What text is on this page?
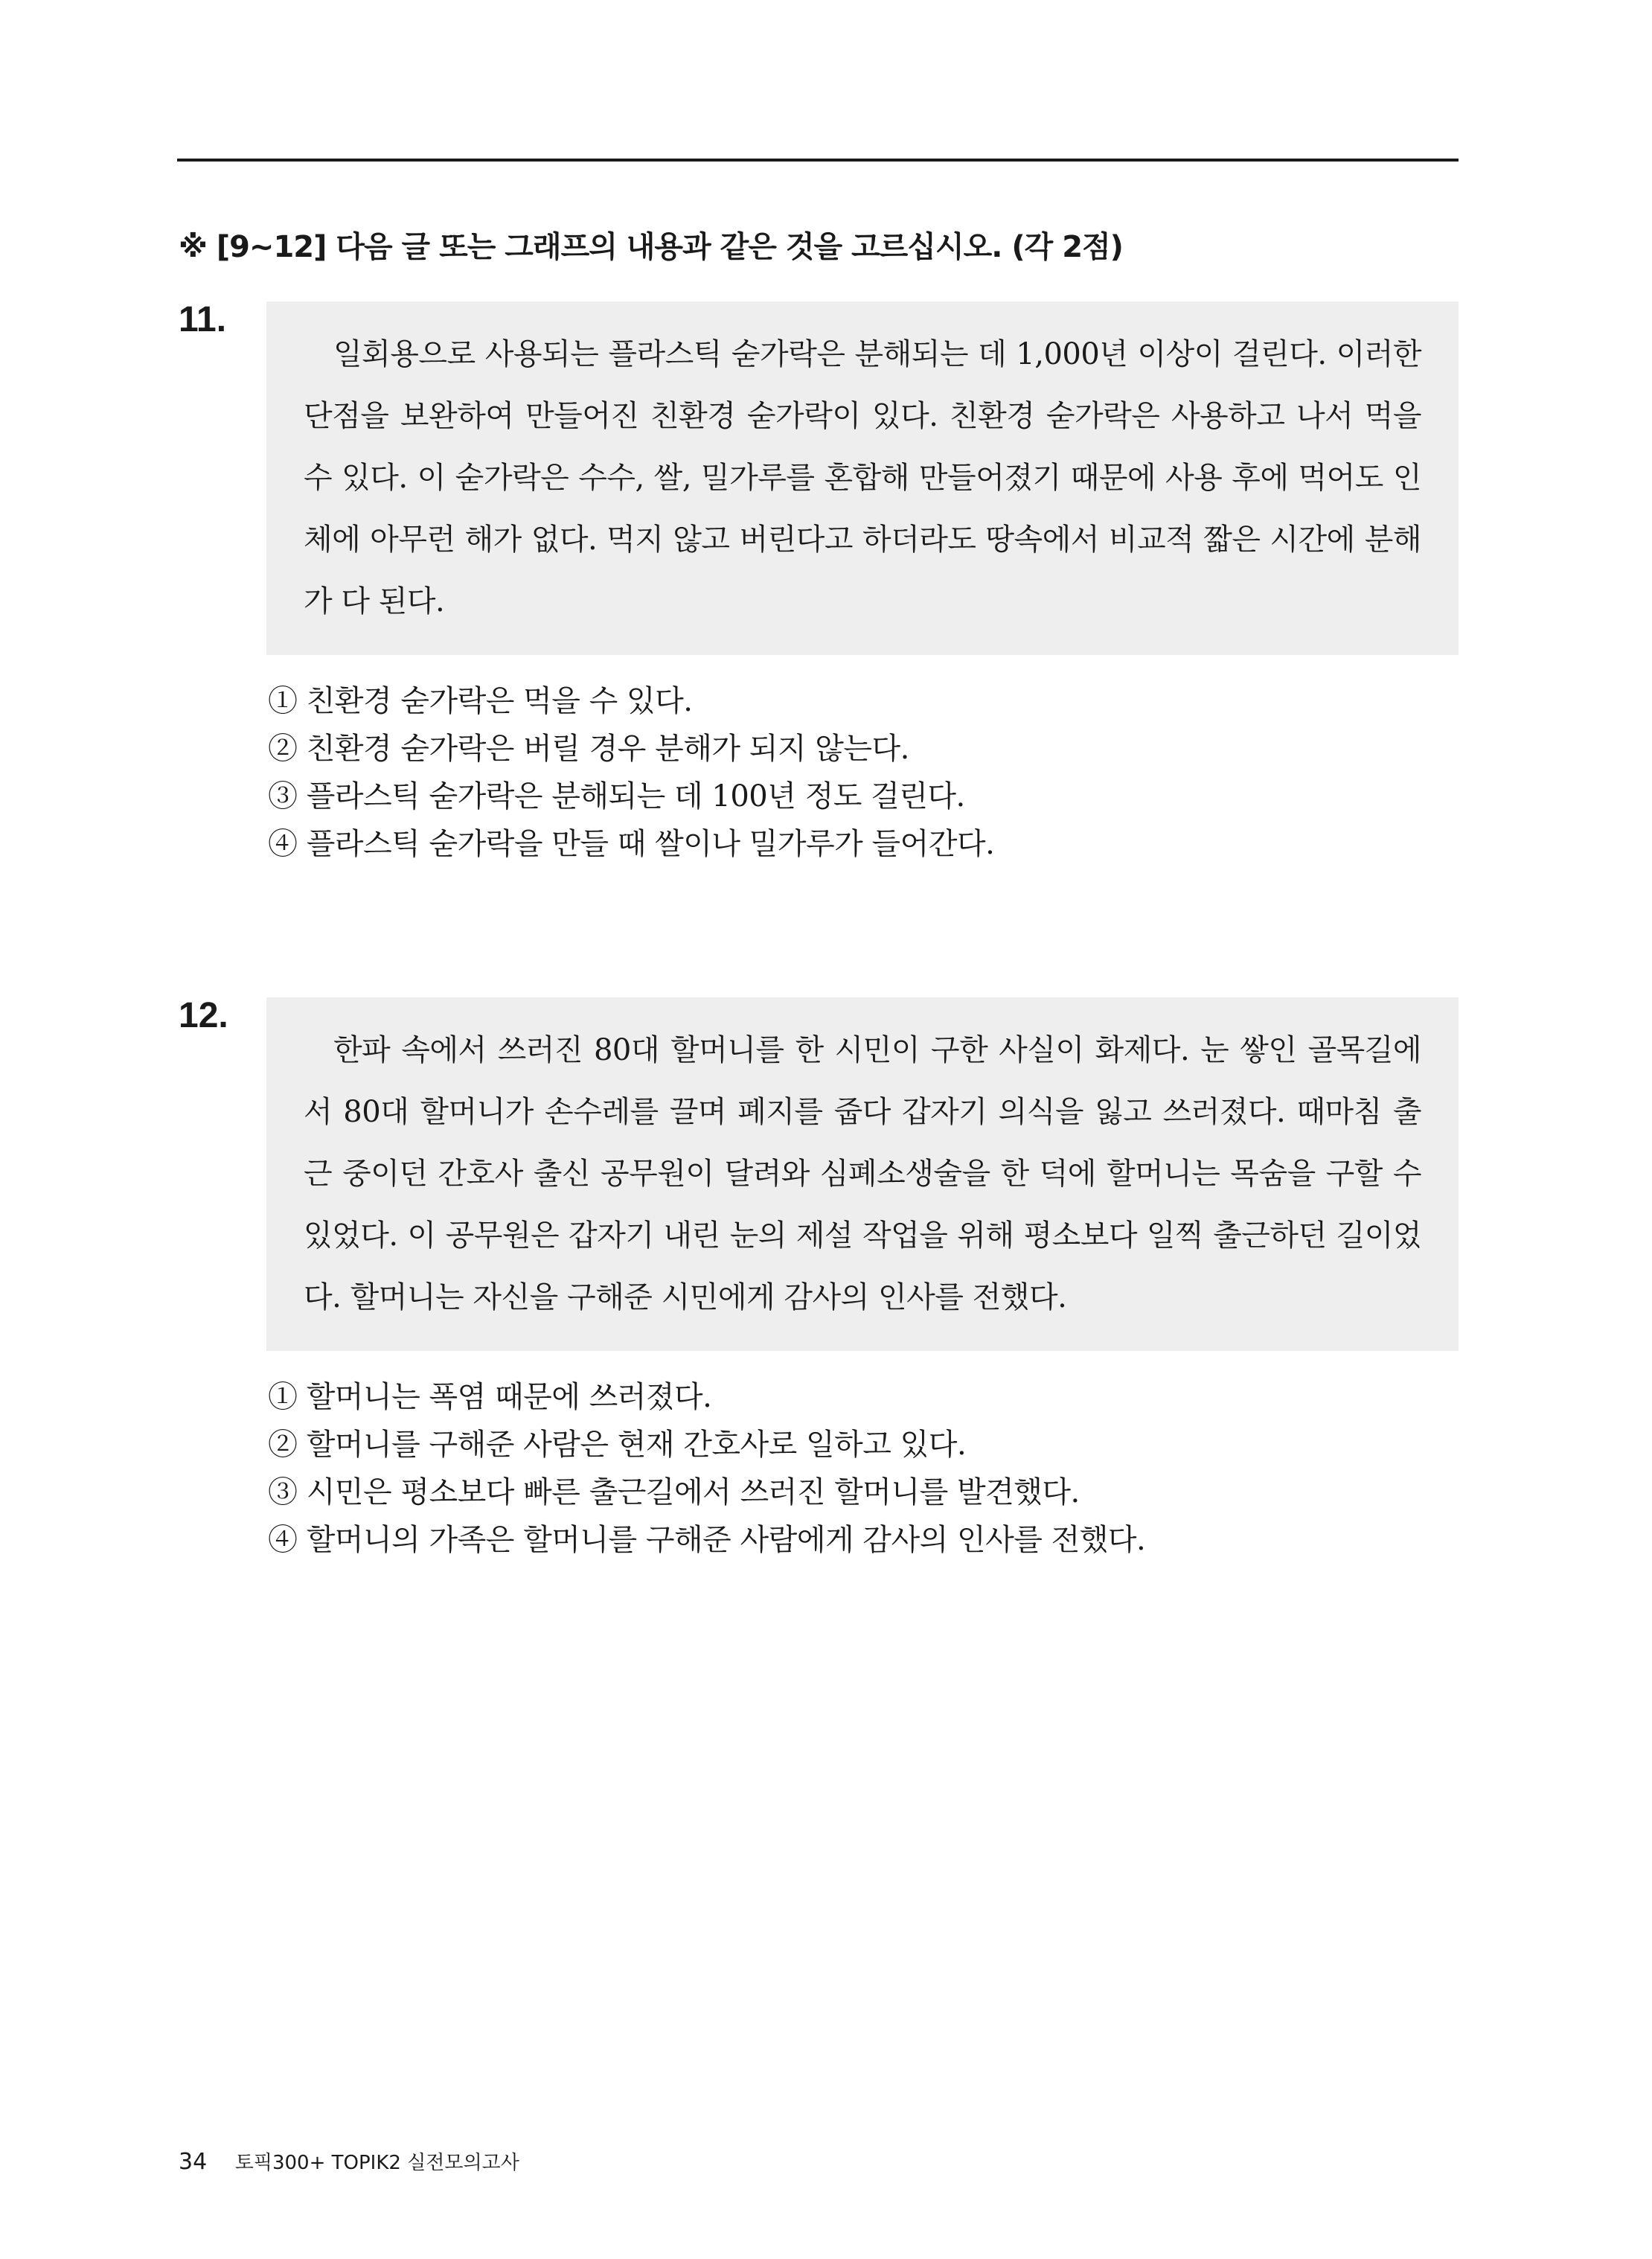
※ [9~12] 다음 글 또는 그래프의 내용과 같은 것을 고르십시오. (각 2점)
11.

일회용으로 사용되는 플라스틱 숟가락은 분해되는 데 1,000년 이상이 걸린다. 이러한 단점을 보완하여 만들어진 친환경 숟가락이 있다. 친환경 숟가락은 사용하고 나서 먹을 수 있다. 이 숟가락은 수수, 쌀, 밀가루를 혼합해 만들어졌기 때문에 사용 후에 먹어도 인체에 아무런 해가 없다. 먹지 않고 버린다고 하더라도 땅속에서 비교적 짧은 시간에 분해가 다 된다.

① 친환경 숟가락은 먹을 수 있다.
② 친환경 숟가락은 버릴 경우 분해가 되지 않는다.
③ 플라스틱 숟가락은 분해되는 데 100년 정도 걸린다.
④ 플라스틱 숟가락을 만들 때 쌀이나 밀가루가 들어간다.
12.

한파 속에서 쓰러진 80대 할머니를 한 시민이 구한 사실이 화제다. 눈 쌓인 골목길에서 80대 할머니가 손수레를 끌며 폐지를 줍다 갑자기 의식을 잃고 쓰러졌다. 때마침 출근 중이던 간호사 출신 공무원이 달려와 심폐소생술을 한 덕에 할머니는 목숨을 구할 수 있었다. 이 공무원은 갑자기 내린 눈의 제설 작업을 위해 평소보다 일찍 출근하던 길이었다. 할머니는 자신을 구해준 시민에게 감사의 인사를 전했다.

① 할머니는 폭염 때문에 쓰러졌다.
② 할머니를 구해준 사람은 현재 간호사로 일하고 있다.
③ 시민은 평소보다 빠른 출근길에서 쓰러진 할머니를 발견했다.
④ 할머니의 가족은 할머니를 구해준 사람에게 감사의 인사를 전했다.
34 토픽300+ TOPIK2 실전모의고사
